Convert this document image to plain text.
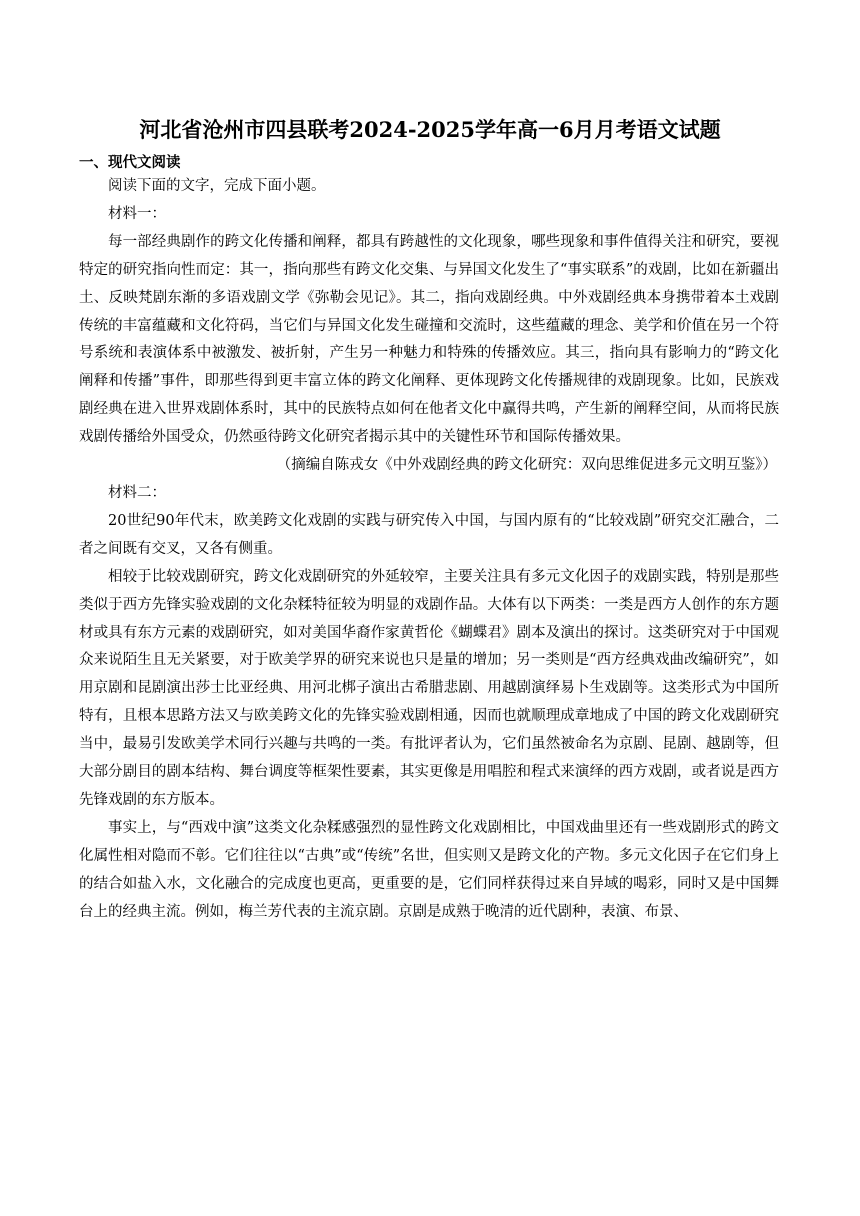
河北省沧州市四县联考2024-2025学年高一6月月考语文试题
一、现代文阅读

阅读下面的文字，完成下面小题。

材料一：

每一部经典剧作的跨文化传播和阐释，都具有跨越性的文化现象，哪些现象和事件值得关注和研究，要视特定的研究指向性而定：其一，指向那些有跨文化交集、与异国文化发生了“事实联系”的戏剧，比如在新疆出土、反映梵剧东渐的多语戏剧文学《弥勒会见记》。其二，指向戏剧经典。中外戏剧经典本身携带着本土戏剧传统的丰富蕴藏和文化符码，当它们与异国文化发生碰撞和交流时，这些蕴藏的理念、美学和价值在另一个符号系统和表演体系中被激发、被折射，产生另一种魅力和特殊的传播效应。其三，指向具有影响力的“跨文化阐释和传播”事件，即那些得到更丰富立体的跨文化阐释、更体现跨文化传播规律的戏剧现象。比如，民族戏剧经典在进入世界戏剧体系时，其中的民族特点如何在他者文化中赢得共鸣，产生新的阐释空间，从而将民族戏剧传播给外国受众，仍然亟待跨文化研究者揭示其中的关键性环节和国际传播效果。

（摘编自陈戎女《中外戏剧经典的跨文化研究：双向思维促进多元文明互鉴》）

材料二：

20世纪90年代末，欧美跨文化戏剧的实践与研究传入中国，与国内原有的“比较戏剧”研究交汇融合，二者之间既有交叉，又各有侧重。

相较于比较戏剧研究，跨文化戏剧研究的外延较窄，主要关注具有多元文化因子的戏剧实践，特别是那些类似于西方先锋实验戏剧的文化杂糅特征较为明显的戏剧作品。大体有以下两类：一类是西方人创作的东方题材或具有东方元素的戏剧研究，如对美国华裔作家黄哲伦《蝴蝶君》剧本及演出的探讨。这类研究对于中国观众来说陌生且无关紧要，对于欧美学界的研究来说也只是量的增加；另一类则是“西方经典戏曲改编研究”，如用京剧和昆剧演出莎士比亚经典、用河北梆子演出古希腊悲剧、用越剧演绎易卜生戏剧等。这类形式为中国所特有，且根本思路方法又与欧美跨文化的先锋实验戏剧相通，因而也就顺理成章地成了中国的跨文化戏剧研究当中，最易引发欧美学术同行兴趣与共鸣的一类。有批评者认为，它们虽然被命名为京剧、昆剧、越剧等，但大部分剧目的剧本结构、舞台调度等框架性要素，其实更像是用唱腔和程式来演绎的西方戏剧，或者说是西方先锋戏剧的东方版本。

事实上，与“西戏中演”这类文化杂糅感强烈的显性跨文化戏剧相比，中国戏曲里还有一些戏剧形式的跨文化属性相对隐而不彰。它们往往以“古典”或“传统”名世，但实则又是跨文化的产物。多元文化因子在它们身上的结合如盐入水，文化融合的完成度也更高，更重要的是，它们同样获得过来自异域的喝彩，同时又是中国舞台上的经典主流。例如，梅兰芳代表的主流京剧。京剧是成熟于晚清的近代剧种，表演、布景、
